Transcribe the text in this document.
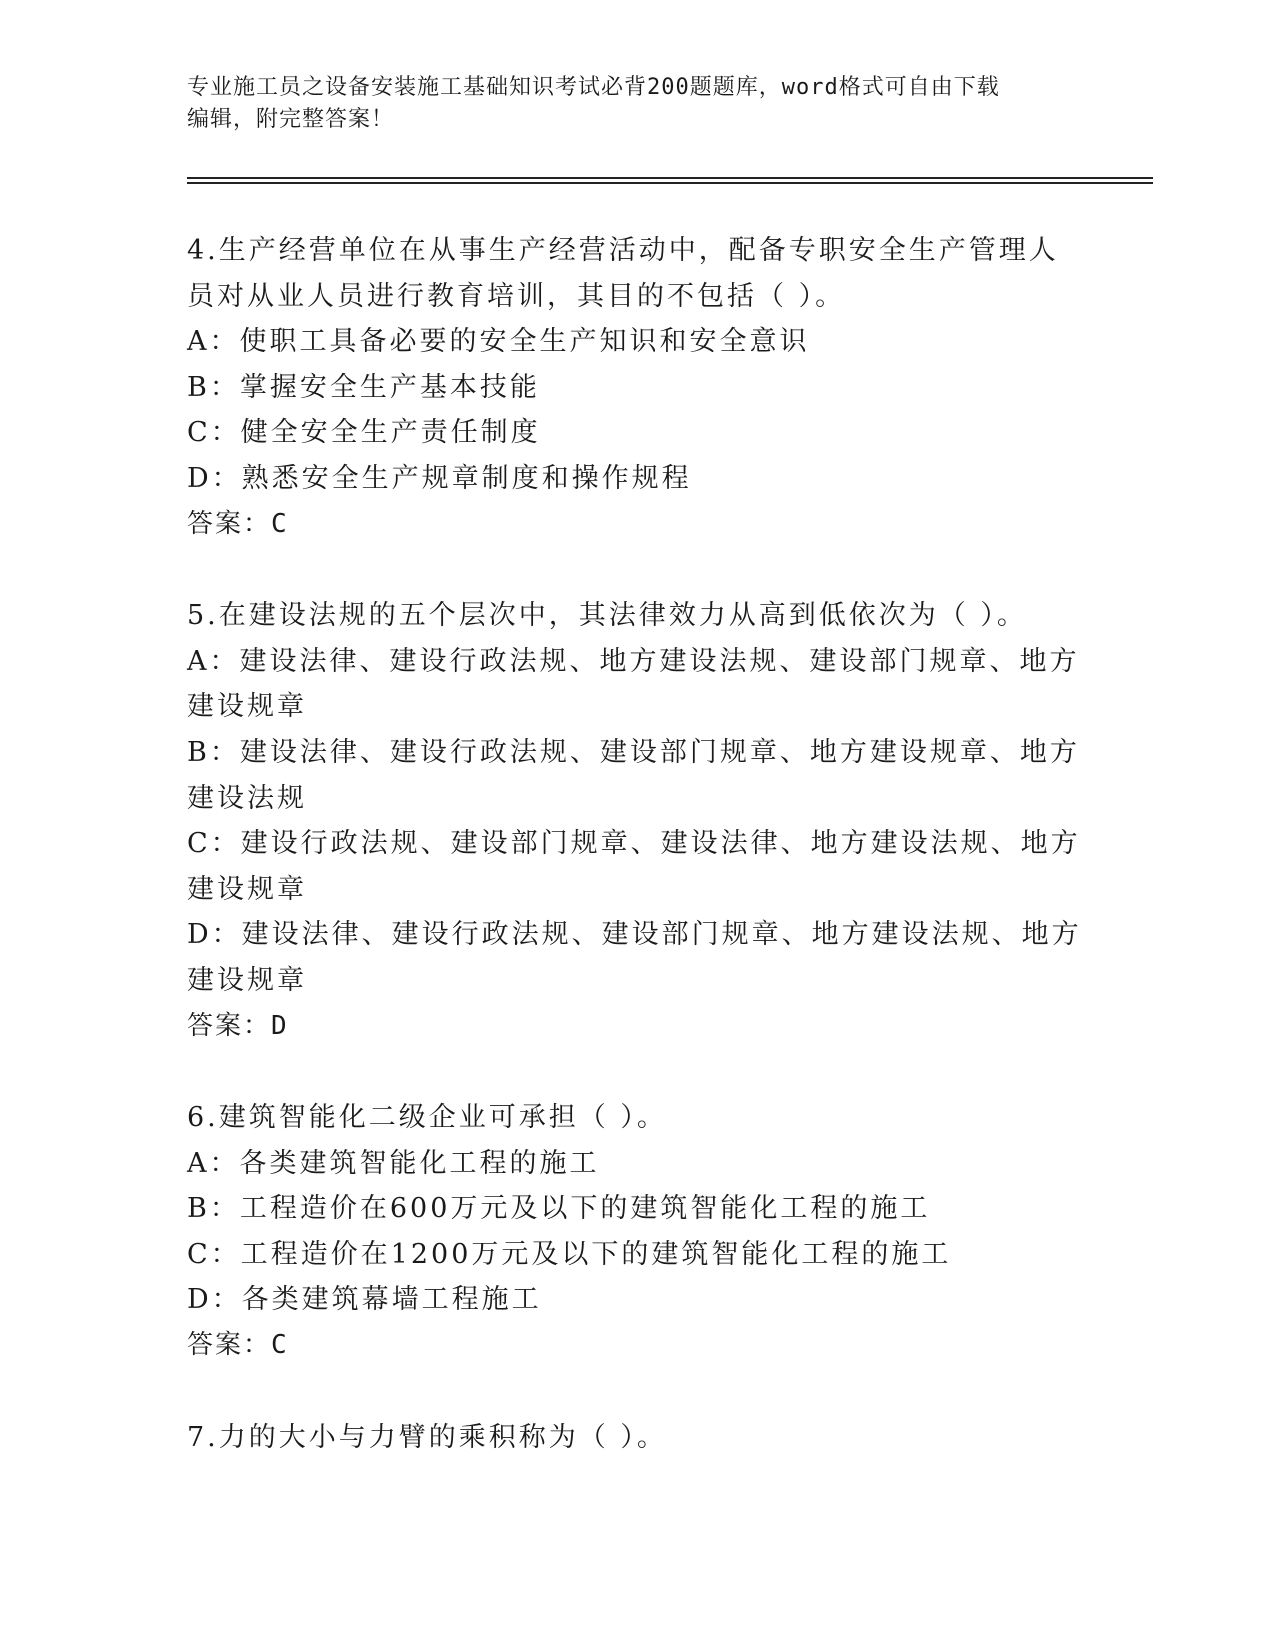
专业施工员之设备安装施工基础知识考试必背200题题库，word格式可自由下载
编辑，附完整答案！
4.生产经营单位在从事生产经营活动中，配备专职安全生产管理人员对从业人员进行教育培训，其目的不包括（ ）。
A：使职工具备必要的安全生产知识和安全意识
B：掌握安全生产基本技能
C：健全安全生产责任制度
D：熟悉安全生产规章制度和操作规程
答案：C
5.在建设法规的五个层次中，其法律效力从高到低依次为（ ）。
A：建设法律、建设行政法规、地方建设法规、建设部门规章、地方建设规章
B：建设法律、建设行政法规、建设部门规章、地方建设规章、地方建设法规
C：建设行政法规、建设部门规章、建设法律、地方建设法规、地方建设规章
D：建设法律、建设行政法规、建设部门规章、地方建设法规、地方建设规章
答案：D
6.建筑智能化二级企业可承担（ ）。
A：各类建筑智能化工程的施工
B：工程造价在600万元及以下的建筑智能化工程的施工
C：工程造价在1200万元及以下的建筑智能化工程的施工
D：各类建筑幕墙工程施工
答案：C
7.力的大小与力臂的乘积称为（ ）。
